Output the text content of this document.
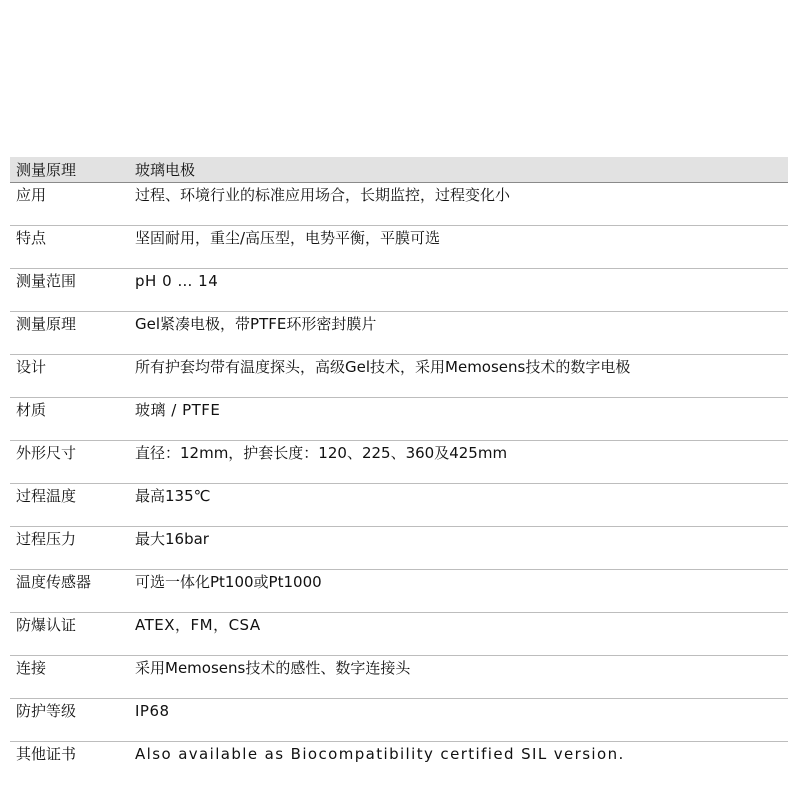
测量原理	玻璃电极
应用	过程、环境行业的标准应用场合，长期监控，过程变化小
特点	坚固耐用，重尘/高压型，电势平衡，平膜可选
测量范围	pH 0 … 14
测量原理	Gel紧凑电极，带PTFE环形密封膜片
设计	所有护套均带有温度探头，高级Gel技术，采用Memosens技术的数字电极
材质	玻璃 / PTFE
外形尺寸	直径：12mm，护套长度：120、225、360及425mm
过程温度	最高135℃
过程压力	最大16bar
温度传感器	可选一体化Pt100或Pt1000
防爆认证	ATEX，FM，CSA
连接	采用Memosens技术的感性、数字连接头
防护等级	IP68
其他证书	Also available as Biocompatibility certified SIL version.
